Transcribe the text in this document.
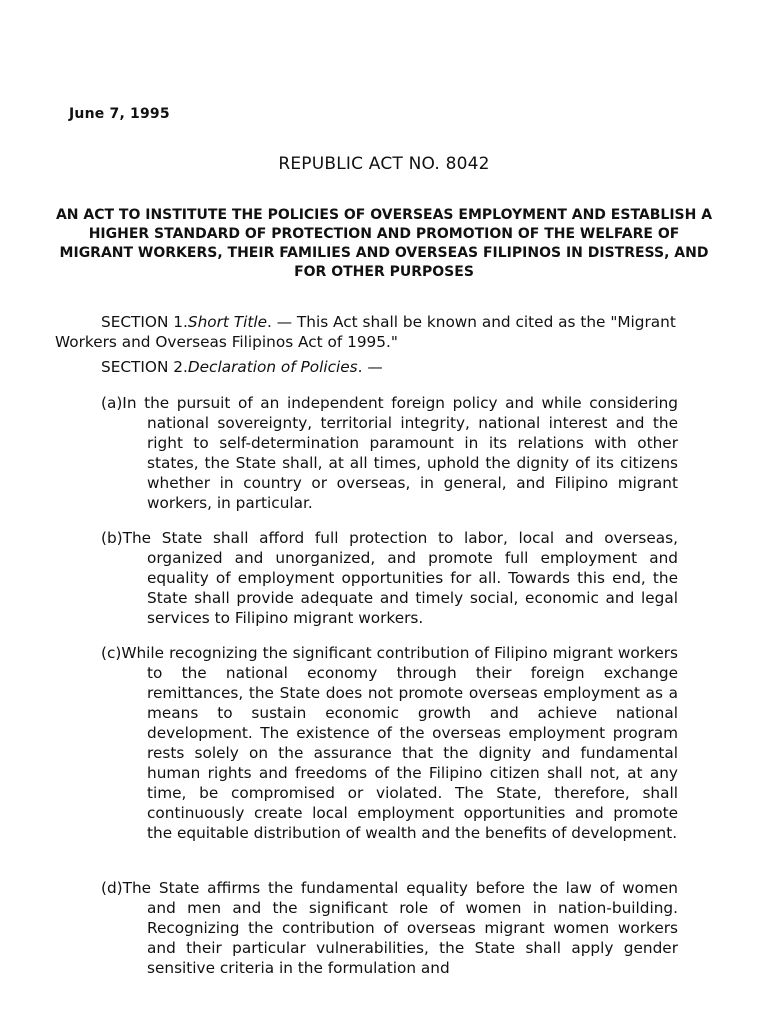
June 7, 1995
REPUBLIC ACT NO. 8042
AN ACT TO INSTITUTE THE POLICIES OF OVERSEAS EMPLOYMENT AND ESTABLISH A HIGHER STANDARD OF PROTECTION AND PROMOTION OF THE WELFARE OF MIGRANT WORKERS, THEIR FAMILIES AND OVERSEAS FILIPINOS IN DISTRESS, AND FOR OTHER PURPOSES
SECTION 1.Short Title. — This Act shall be known and cited as the "Migrant Workers and Overseas Filipinos Act of 1995."
SECTION 2.Declaration of Policies. —
(a)In the pursuit of an independent foreign policy and while considering national sovereignty, territorial integrity, national interest and the right to self-determination paramount in its relations with other states, the State shall, at all times, uphold the dignity of its citizens whether in country or overseas, in general, and Filipino migrant workers, in particular.
(b)The State shall afford full protection to labor, local and overseas, organized and unorganized, and promote full employment and equality of employment opportunities for all. Towards this end, the State shall provide adequate and timely social, economic and legal services to Filipino migrant workers.
(c)While recognizing the significant contribution of Filipino migrant workers to the national economy through their foreign exchange remittances, the State does not promote overseas employment as a means to sustain economic growth and achieve national development. The existence of the overseas employment program rests solely on the assurance that the dignity and fundamental human rights and freedoms of the Filipino citizen shall not, at any time, be compromised or violated. The State, therefore, shall continuously create local employment opportunities and promote the equitable distribution of wealth and the benefits of development.
(d)The State affirms the fundamental equality before the law of women and men and the significant role of women in nation-building. Recognizing the contribution of overseas migrant women workers and their particular vulnerabilities, the State shall apply gender sensitive criteria in the formulation and
